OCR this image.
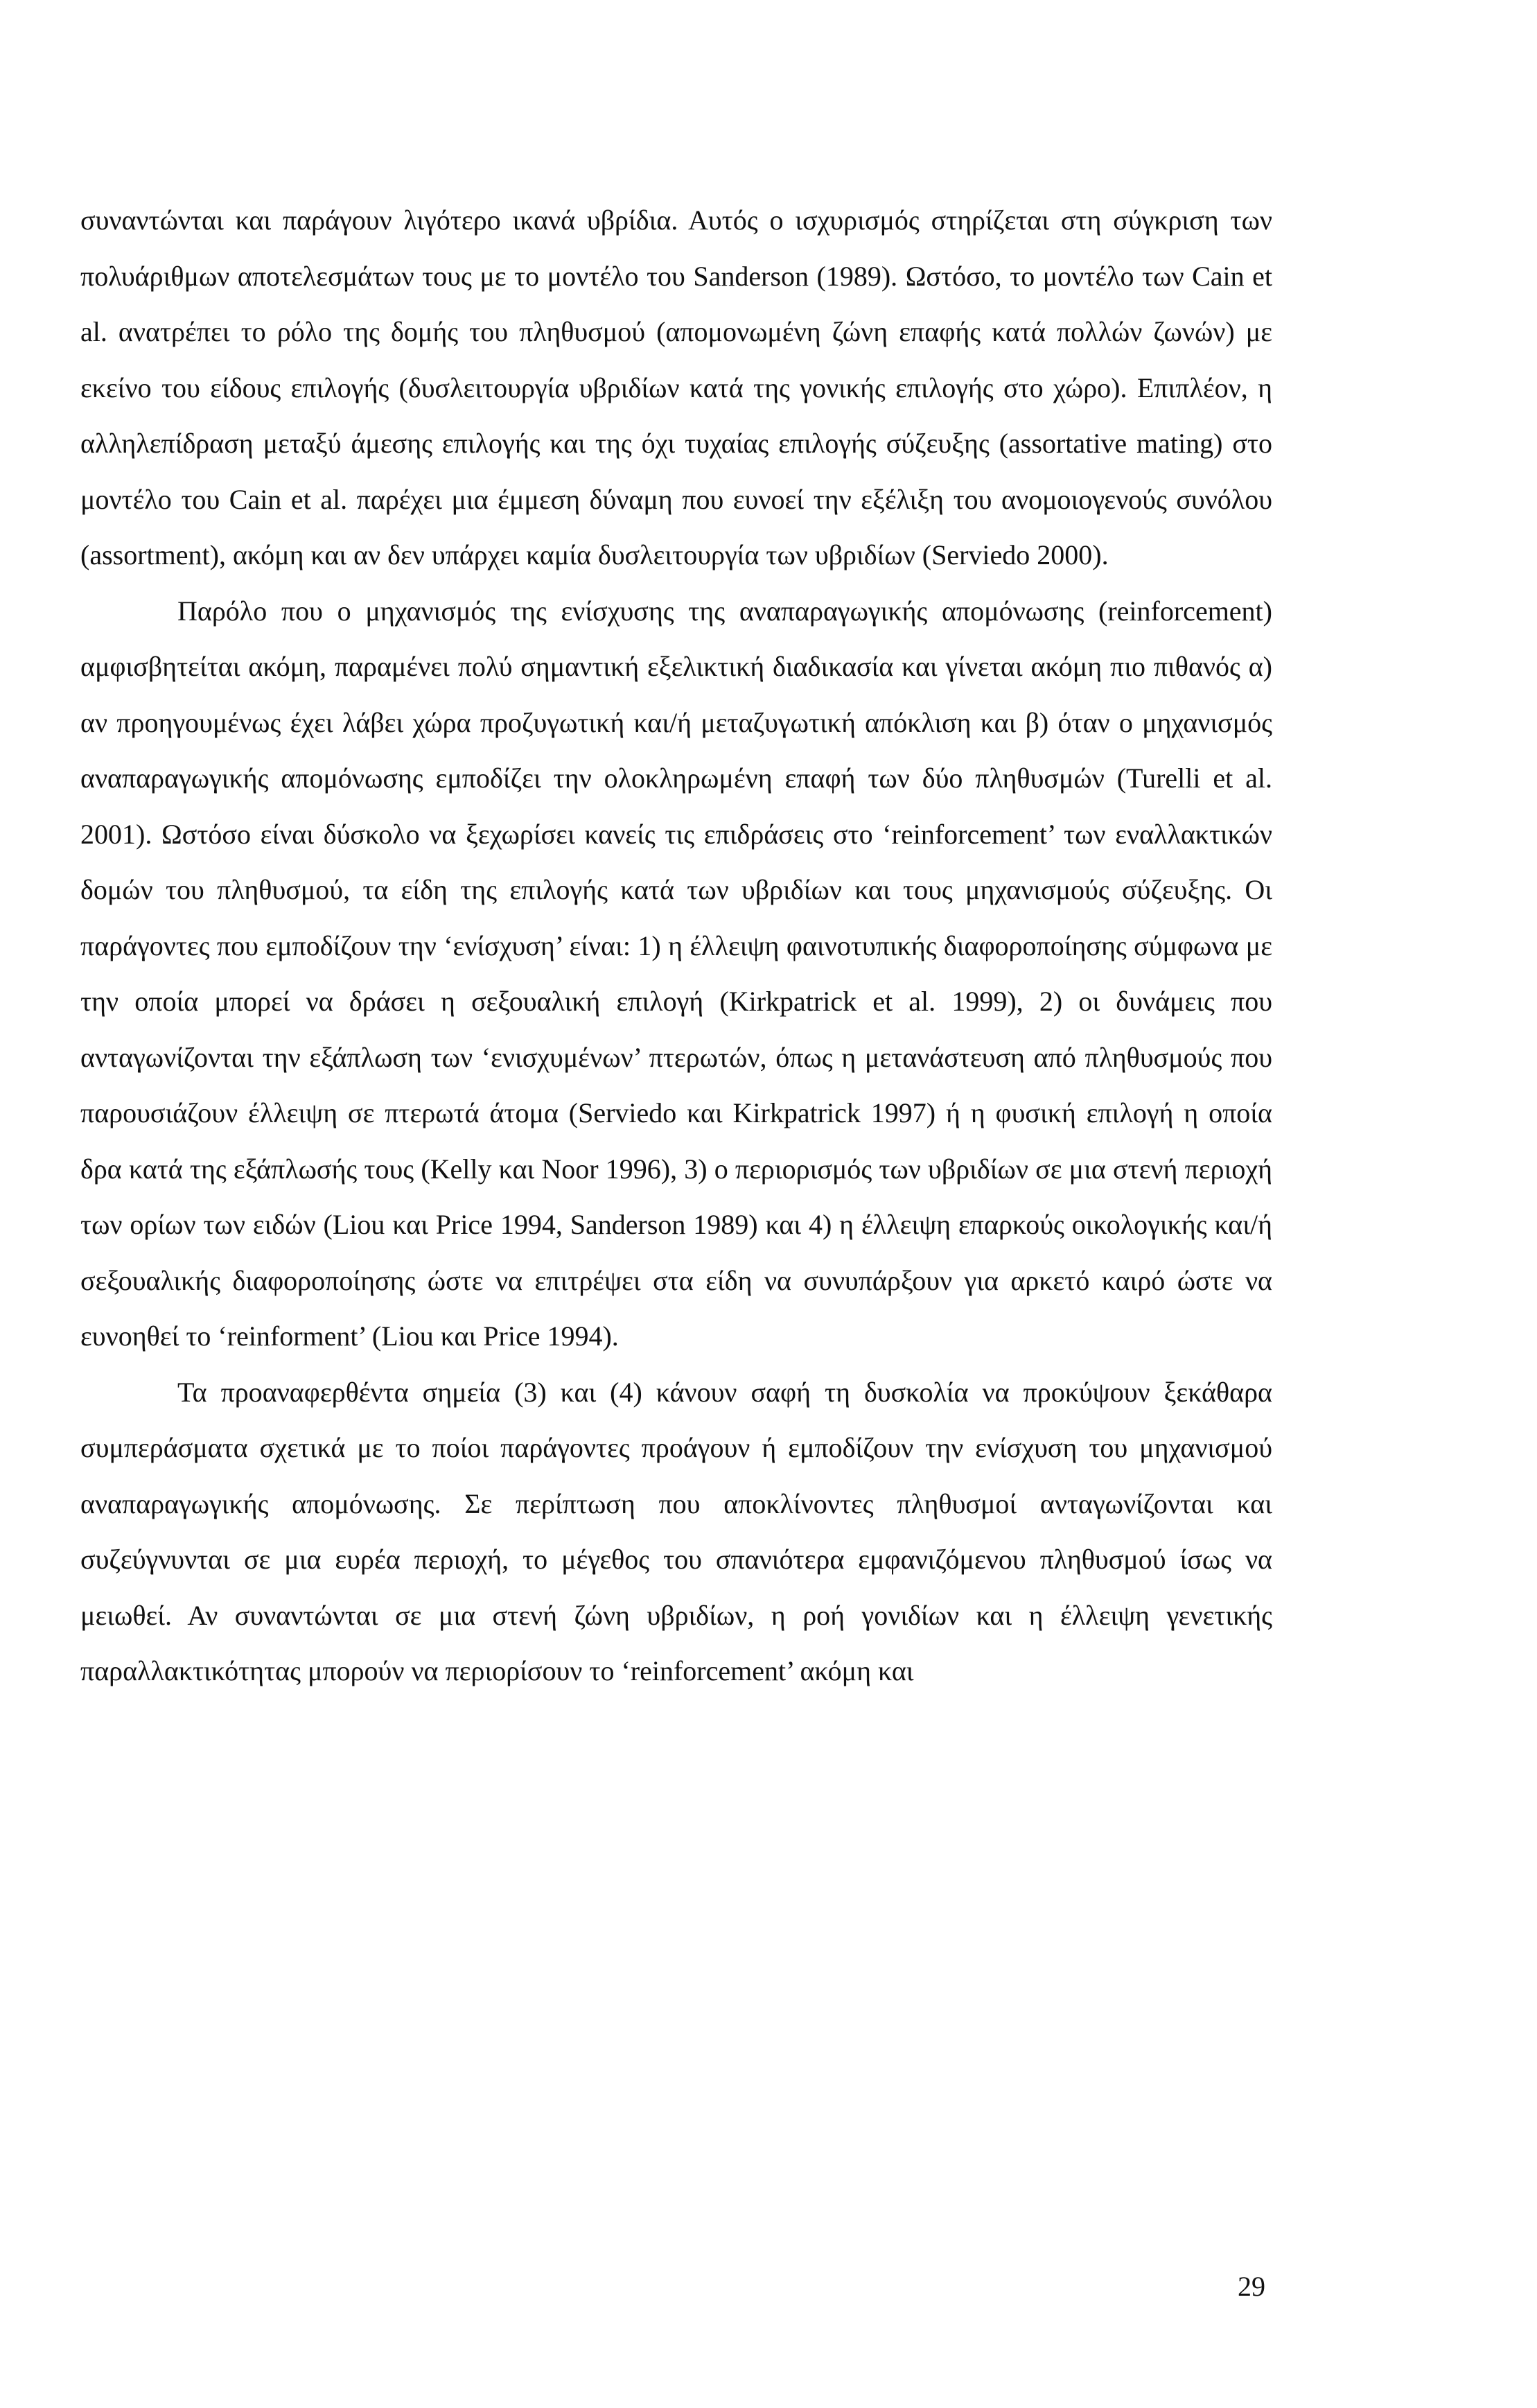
συναντώνται και παράγουν λιγότερο ικανά υβρίδια. Αυτός ο ισχυρισμός στηρίζεται στη σύγκριση των πολυάριθμων αποτελεσμάτων τους με το μοντέλο του Sanderson (1989). Ωστόσο, το μοντέλο των Cain et al. ανατρέπει το ρόλο της δομής του πληθυσμού (απομονωμένη ζώνη επαφής κατά πολλών ζωνών) με εκείνο του είδους επιλογής (δυσλειτουργία υβριδίων κατά της γονικής επιλογής στο χώρο). Επιπλέον, η αλληλεπίδραση μεταξύ άμεσης επιλογής και της όχι τυχαίας επιλογής σύζευξης (assortative mating) στο μοντέλο του Cain et al. παρέχει μια έμμεση δύναμη που ευνοεί την εξέλιξη του ανομοιογενούς συνόλου (assortment), ακόμη και αν δεν υπάρχει καμία δυσλειτουργία των υβριδίων (Serviedo 2000).

Παρόλο που ο μηχανισμός της ενίσχυσης της αναπαραγωγικής απομόνωσης (reinforcement) αμφισβητείται ακόμη, παραμένει πολύ σημαντική εξελικτική διαδικασία και γίνεται ακόμη πιο πιθανός α) αν προηγουμένως έχει λάβει χώρα προζυγωτική και/ή μεταζυγωτική απόκλιση και β) όταν ο μηχανισμός αναπαραγωγικής απομόνωσης εμποδίζει την ολοκληρωμένη επαφή των δύο πληθυσμών (Turelli et al. 2001). Ωστόσο είναι δύσκολο να ξεχωρίσει κανείς τις επιδράσεις στο ‘reinforcement’ των εναλλακτικών δομών του πληθυσμού, τα είδη της επιλογής κατά των υβριδίων και τους μηχανισμούς σύζευξης. Οι παράγοντες που εμποδίζουν την ‘ενίσχυση’ είναι: 1) η έλλειψη φαινοτυπικής διαφοροποίησης σύμφωνα με την οποία μπορεί να δράσει η σεξουαλική επιλογή (Kirkpatrick et al. 1999), 2) οι δυνάμεις που ανταγωνίζονται την εξάπλωση των ‘ενισχυμένων’ πτερωτών, όπως η μετανάστευση από πληθυσμούς που παρουσιάζουν έλλειψη σε πτερωτά άτομα (Serviedo και Kirkpatrick 1997) ή η φυσική επιλογή η οποία δρα κατά της εξάπλωσής τους (Kelly και Noor 1996), 3) ο περιορισμός των υβριδίων σε μια στενή περιοχή των ορίων των ειδών (Liou και Price 1994, Sanderson 1989) και 4) η έλλειψη επαρκούς οικολογικής και/ή σεξουαλικής διαφοροποίησης ώστε να επιτρέψει στα είδη να συνυπάρξουν για αρκετό καιρό ώστε να ευνοηθεί το ‘reinforment’ (Liou και Price 1994).

Τα προαναφερθέντα σημεία (3) και (4) κάνουν σαφή τη δυσκολία να προκύψουν ξεκάθαρα συμπεράσματα σχετικά με το ποίοι παράγοντες προάγουν ή εμποδίζουν την ενίσχυση του μηχανισμού αναπαραγωγικής απομόνωσης. Σε περίπτωση που αποκλίνοντες πληθυσμοί ανταγωνίζονται και συζεύγνυνται σε μια ευρέα περιοχή, το μέγεθος του σπανιότερα εμφανιζόμενου πληθυσμού ίσως να μειωθεί. Αν συναντώνται σε μια στενή ζώνη υβριδίων, η ροή γονιδίων και η έλλειψη γενετικής παραλλακτικότητας μπορούν να περιορίσουν το ‘reinforcement’ ακόμη και

29
